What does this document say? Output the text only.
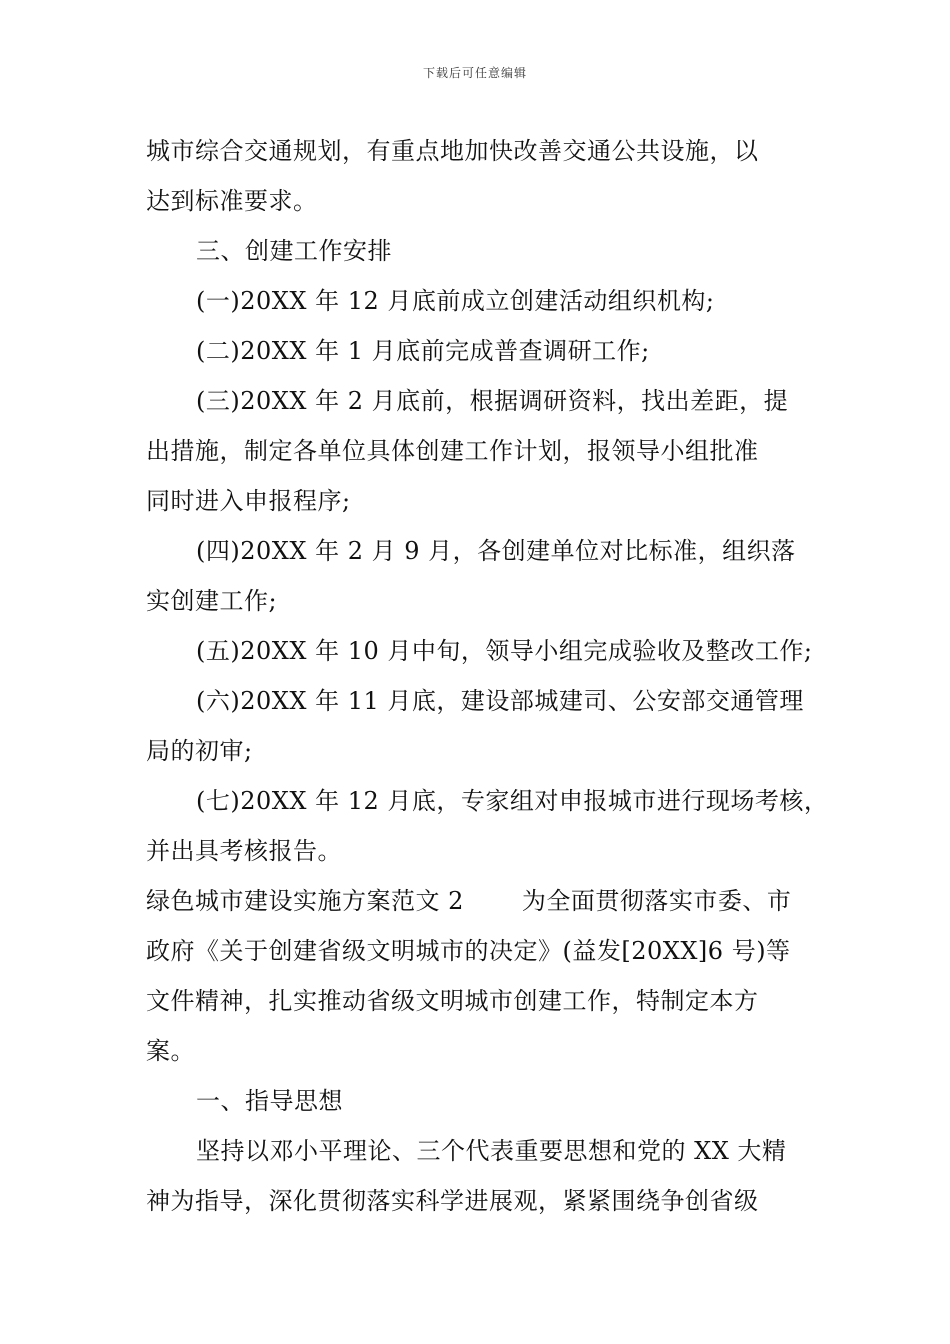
下载后可任意编辑
城市综合交通规划，有重点地加快改善交通公共设施，以
达到标准要求。
三、创建工作安排
(一)20XX 年 12 月底前成立创建活动组织机构;
(二)20XX 年 1 月底前完成普查调研工作;
(三)20XX 年 2 月底前，根据调研资料，找出差距，提
出措施，制定各单位具体创建工作计划，报领导小组批准
同时进入申报程序;
(四)20XX 年 2 月 9 月，各创建单位对比标准，组织落
实创建工作;
(五)20XX 年 10 月中旬，领导小组完成验收及整改工作;
(六)20XX 年 11 月底，建设部城建司、公安部交通管理
局的初审;
(七)20XX 年 12 月底，专家组对申报城市进行现场考核，
并出具考核报告。
绿色城市建设实施方案范文 2 为全面贯彻落实市委、市
政府《关于创建省级文明城市的决定》(益发[20XX]6 号)等
文件精神，扎实推动省级文明城市创建工作，特制定本方
案。
一、指导思想
坚持以邓小平理论、三个代表重要思想和党的 XX 大精
神为指导，深化贯彻落实科学进展观，紧紧围绕争创省级
